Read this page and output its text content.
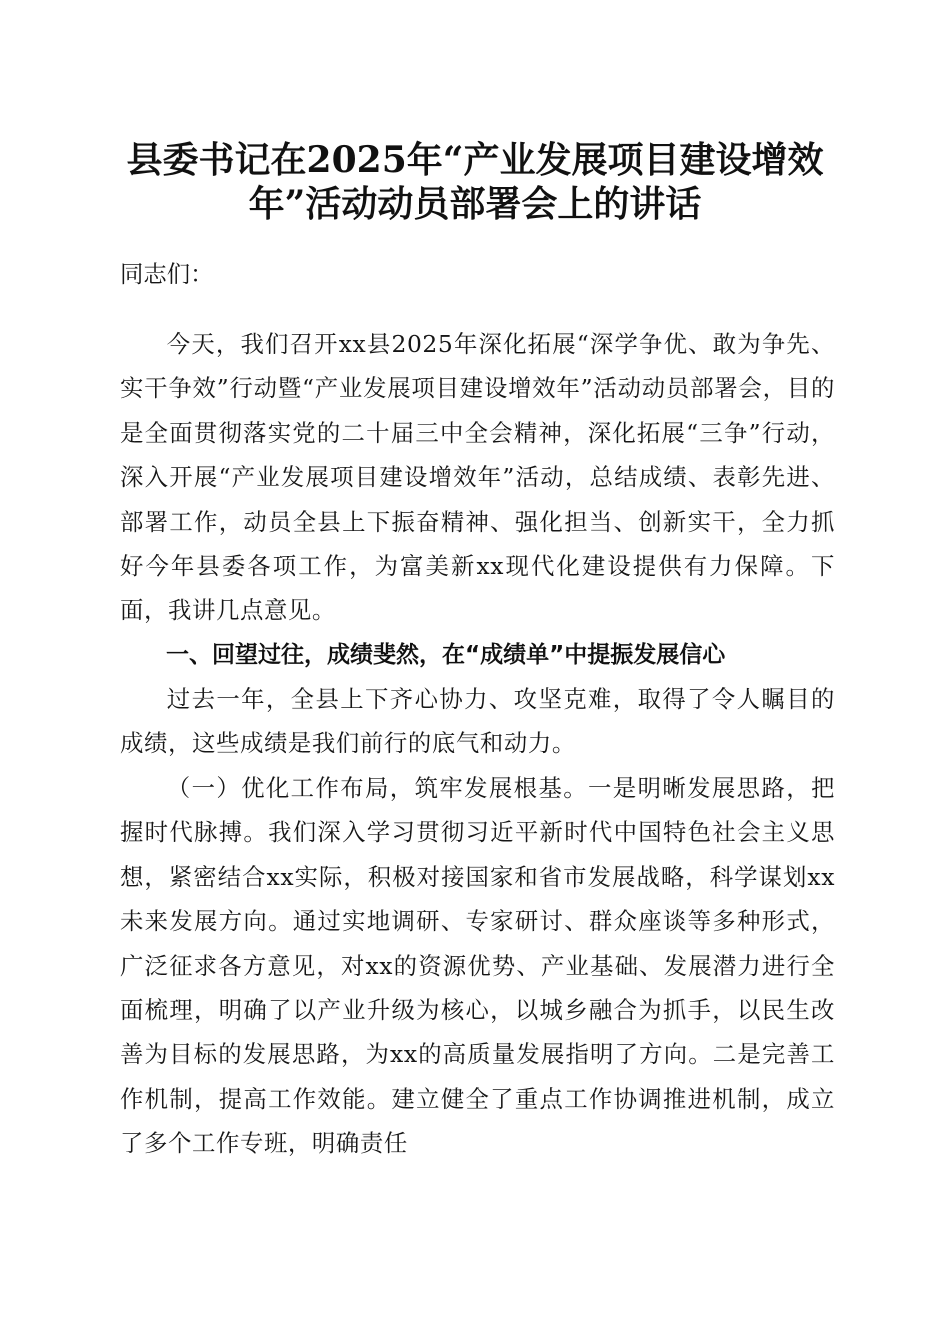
县委书记在2025年“产业发展项目建设增效
年”活动动员部署会上的讲话
同志们：

今天，我们召开xx县2025年深化拓展“深学争优、敢为争先、实干争效”行动暨“产业发展项目建设增效年”活动动员部署会，目的是全面贯彻落实党的二十届三中全会精神，深化拓展“三争”行动，深入开展“产业发展项目建设增效年”活动，总结成绩、表彰先进、部署工作，动员全县上下振奋精神、强化担当、创新实干，全力抓好今年县委各项工作，为富美新xx现代化建设提供有力保障。下面，我讲几点意见。

一、回望过往，成绩斐然，在“成绩单”中提振发展信心

过去一年，全县上下齐心协力、攻坚克难，取得了令人瞩目的成绩，这些成绩是我们前行的底气和动力。

（一）优化工作布局，筑牢发展根基。一是明晰发展思路，把握时代脉搏。我们深入学习贯彻习近平新时代中国特色社会主义思想，紧密结合xx实际，积极对接国家和省市发展战略，科学谋划xx未来发展方向。通过实地调研、专家研讨、群众座谈等多种形式，广泛征求各方意见，对xx的资源优势、产业基础、发展潜力进行全面梳理，明确了以产业升级为核心，以城乡融合为抓手，以民生改善为目标的发展思路，为xx的高质量发展指明了方向。二是完善工作机制，提高工作效能。建立健全了重点工作协调推进机制，成立了多个工作专班，明确责任
